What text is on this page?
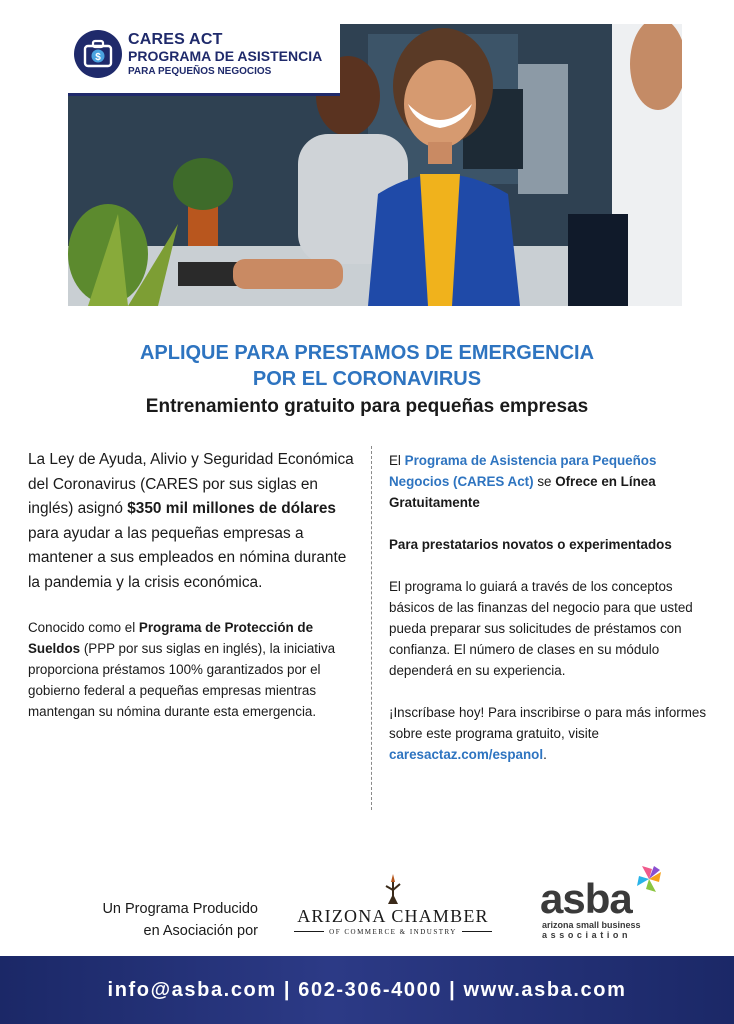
$
CARES ACT
PROGRAMA DE ASISTENCIA
PARA PEQUEÑOS NEGOCIOS
APLIQUE PARA PRESTAMOS DE EMERGENCIA
POR EL CORONAVIRUS
Entrenamiento gratuito para pequeñas empresas

La Ley de Ayuda, Alivio y Seguridad Económica del Coronavirus (CARES por sus siglas en inglés) asignó $350 mil millones de dólares para ayudar a las pequeñas empresas a mantener a sus empleados en nómina durante la pandemia y la crisis económica.

Conocido como el Programa de Protección de Sueldos (PPP por sus siglas en inglés), la iniciativa proporciona préstamos 100% garantizados por el gobierno federal a pequeñas empresas mientras mantengan su nómina durante esta emergencia.

El Programa de Asistencia para Pequeños Negocios (CARES Act) se Ofrece en Línea Gratuitamente

Para prestatarios novatos o experimentados

El programa lo guiará a través de los conceptos básicos de las finanzas del negocio para que usted pueda preparar sus solicitudes de préstamos con confianza. El número de clases en su módulo dependerá en su experiencia.

¡Inscríbase hoy! Para inscribirse o para más informes sobre este programa gratuito, visite caresactaz.com/espanol.

Un Programa Producido
en Asociación por
ARIZONA CHAMBER
OF COMMERCE & INDUSTRY
asba
arizona small business
association
info@asba.com | 602-306-4000 | www.asba.com
